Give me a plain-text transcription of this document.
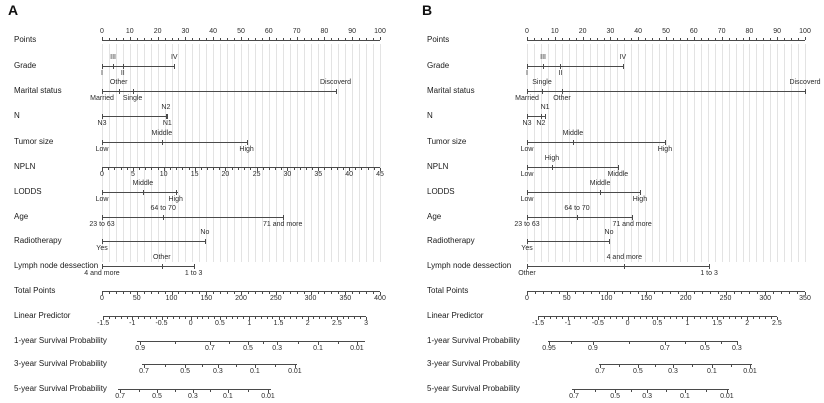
A	B
Points
0	10	20	30	40	50	60	70	80	90	100
Grade
III	IV
I	II
Marital status
Other	Discoverd
Married Single
N
N2
N3	N1
Tumor size
Middle
Low	High
NPLN
0	5	10	15	20	25	30	35	40	45
LODDS
Middle
Low	High
Age
64 to 70
23 to 63	71 and more
Radiotherapy
No
Yes
Lymph node dessection
Other
4 and more	1 to 3
Total Points
0	50	100	150	200	250	300	350	400
Linear Predictor
-1.5	-1	-0.5	0	0.5	1	1.5	2	2.5	3
1-year Survival Probability
0.9	0.7	0.5	0.3	0.1	0.01
3-year Survival Probability
0.7	0.5	0.3	0.1	0.01
5-year Survival Probability
0.7	0.5	0.3	0.1	0.01
Points
0	10	20	30	40	50	60	70	80	90	100
Grade
III	IV
I	II
Marital status
Single	Discoverd
Married Other
N
N1
N3 N2
Tumor size
Middle
Low	High
NPLN
High
Low	Middle
LODDS
Middle
Low	High
Age
64 to 70
23 to 63	71 and more
Radiotherapy
No
Yes
Lymph node dessection
4 and more
Other	1 to 3
Total Points
0	50	100	150	200	250	300	350
Linear Predictor
-1.5	-1	-0.5	0	0.5	1	1.5	2	2.5
1-year Survival Probability
0.95	0.9	0.7	0.5	0.3
3-year Survival Probability
0.7	0.5	0.3	0.1	0.01
5-year Survival Probability
0.7	0.5	0.3	0.1	0.01
